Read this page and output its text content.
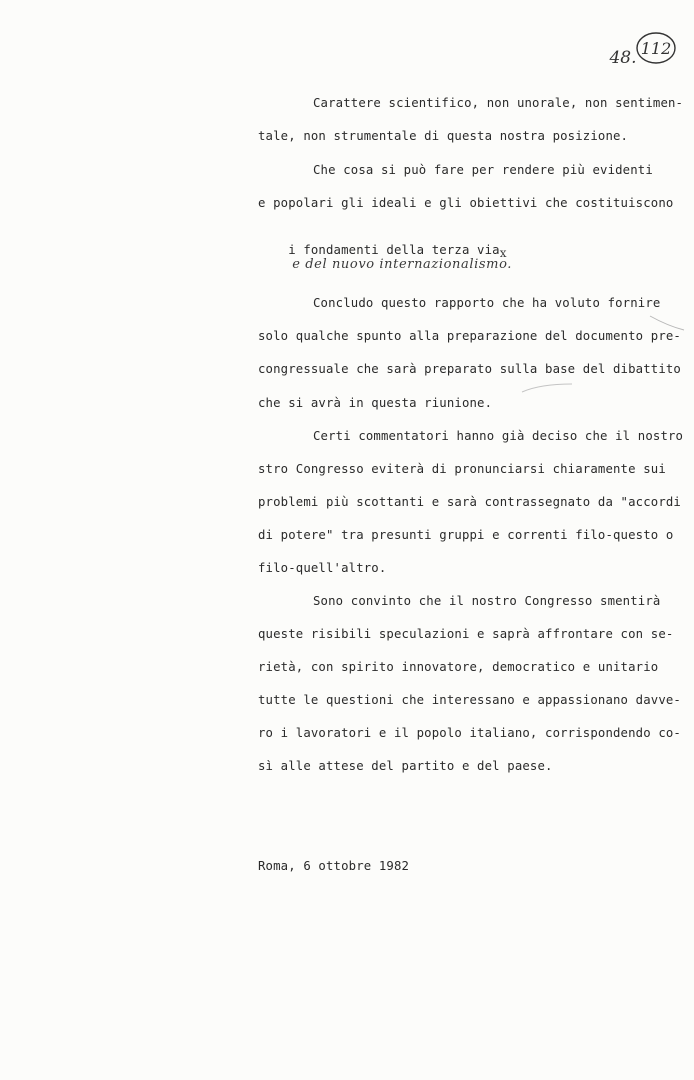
112
48.
Carattere scientifico, non unorale, non sentimen-
tale, non strumentale di questa nostra posizione.
Che cosa si può fare per rendere più evidenti
e popolari gli ideali e gli obiettivi che costituiscono

i fondamenti della terza viax
e del nuovo internazionalismo.

Concludo questo rapporto che ha voluto fornire
solo qualche spunto alla preparazione del documento pre-
congressuale che sarà preparato sulla base del dibattito
che si avrà in questa riunione.
Certi commentatori hanno già deciso che il nostro
stro Congresso eviterà di pronunciarsi chiaramente sui
problemi più scottanti e sarà contrassegnato da "accordi
di potere" tra presunti gruppi e correnti filo-questo o
filo-quell'altro.
Sono convinto che il nostro Congresso smentirà
queste risibili speculazioni e saprà affrontare con se-
rietà, con spirito innovatore, democratico e unitario
tutte le questioni che interessano e appassionano davve-
ro i lavoratori e il popolo italiano, corrispondendo co-
sì alle attese del partito e del paese.
Roma, 6 ottobre 1982
